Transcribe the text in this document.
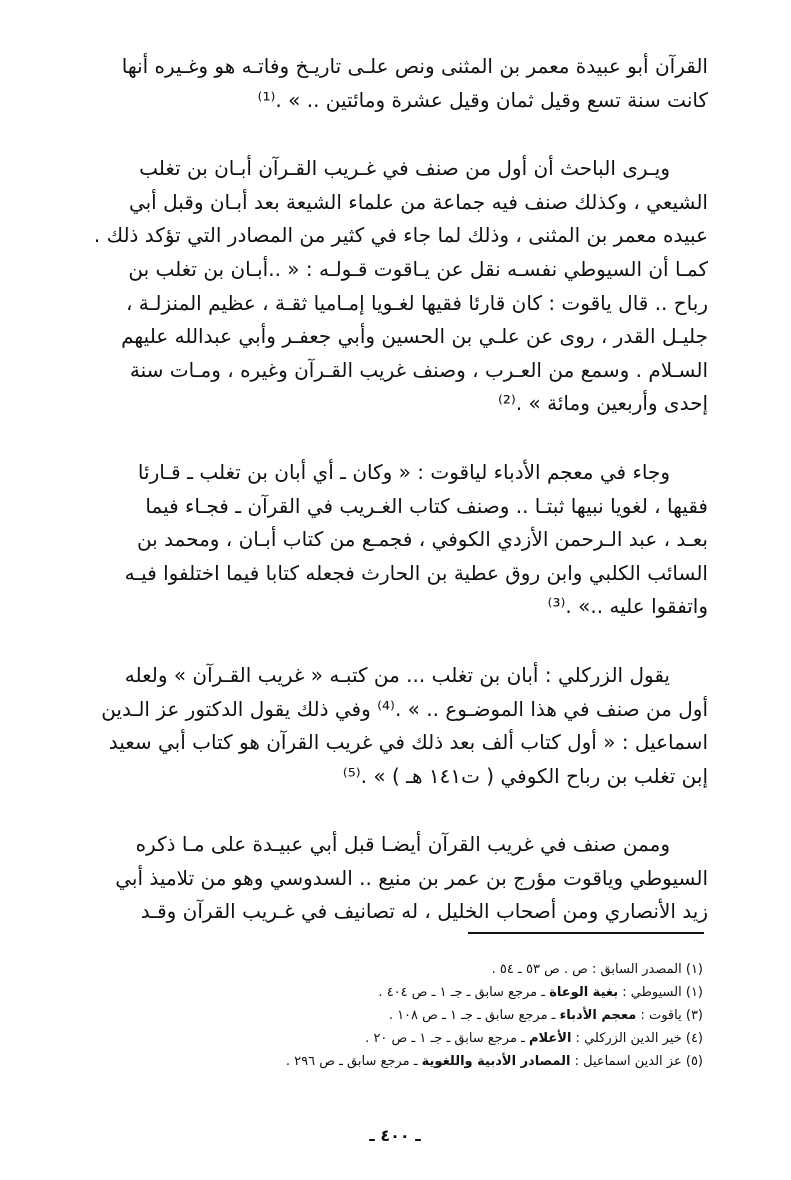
القرآن أبو عبيدة معمر بن المثنى ونص علـى تاريـخ وفاتـه هو وغـيره أنها

كانت سنة تسع وقيل ثمان وقيل عشرة ومائتين .. » .⁽¹⁾

ويـرى الباحث أن أول من صنف في غـريب القـرآن أبـان بن تغلب

الشيعي ، وكذلك صنف فيه جماعة من علماء الشيعة بعد أبـان وقبل أبي

عبيده معمر بن المثنى ، وذلك لما جاء في كثير من المصادر التي تؤكد ذلك .

كمـا أن السيوطي نفسـه نقل عن يـاقوت قـولـه : « ..أبـان بن تغلب بن

رباح .. قال ياقوت : كان قارئا فقيها لغـويا إمـاميا ثقـة ، عظيم المنزلـة ،

جليـل القدر ، روى عن علـي بن الحسين وأبي جعفـر وأبي عبدالله عليهم

السـلام . وسمع من العـرب ، وصنف غريب القـرآن وغيره ، ومـات سنة

إحدى وأربعين ومائة » .⁽²⁾

وجاء في معجم الأدباء لياقوت : « وكان ـ أي أبان بن تغلب ـ قـارئا

فقيها ، لغويا نبيها ثبتـا .. وصنف كتاب الغـريب في القرآن ـ فجـاء فيما

بعـد ، عبد الـرحمن الأزدي الكوفي ، فجمـع من كتاب أبـان ، ومحمد بن

السائب الكلبي وابن روق عطية بن الحارث فجعله كتابا فيما اختلفوا فيـه

واتفقوا عليه ..» .⁽³⁾

يقول الزركلي : أبان بن تغلب ... من كتبـه « غريب القـرآن » ولعله

أول من صنف في هذا الموضـوع .. » .⁽⁴⁾ وفي ذلك يقول الدكتور عز الـدين

اسماعيل : « أول كتاب ألف بعد ذلك في غريب القرآن هو كتاب أبي سعيد

إبن تغلب بن رباح الكوفي ( ت١٤١ هـ ) » .⁽⁵⁾

وممن صنف في غريب القرآن أيضـا قبل أبي عبيـدة على مـا ذكره

السيوطي وياقوت مؤرج بن عمر بن منيع .. السدوسي وهو من تلاميذ أبي

زيد الأنصاري ومن أصحاب الخليل ، له تصانيف في غـريب القرآن وقـد

(١) المصدر السابق : ص . ص ٥٣ ـ ٥٤ .
(١) السيوطي : بغية الوعاة ـ مرجع سابق ـ جـ ١ ـ ص ٤٠٤ .
(٣) ياقوت : معجم الأدباء ـ مرجع سابق ـ جـ ١ ـ ص ١٠٨ .
(٤) خير الدين الزركلي : الأعلام ـ مرجع سابق ـ جـ ١ ـ ص ٢٠ .
(٥) عز الدين اسماعيل : المصادر الأدبية واللغوية ـ مرجع سابق ـ ص ٢٩٦ .
ـ ٤٠٠ ـ
